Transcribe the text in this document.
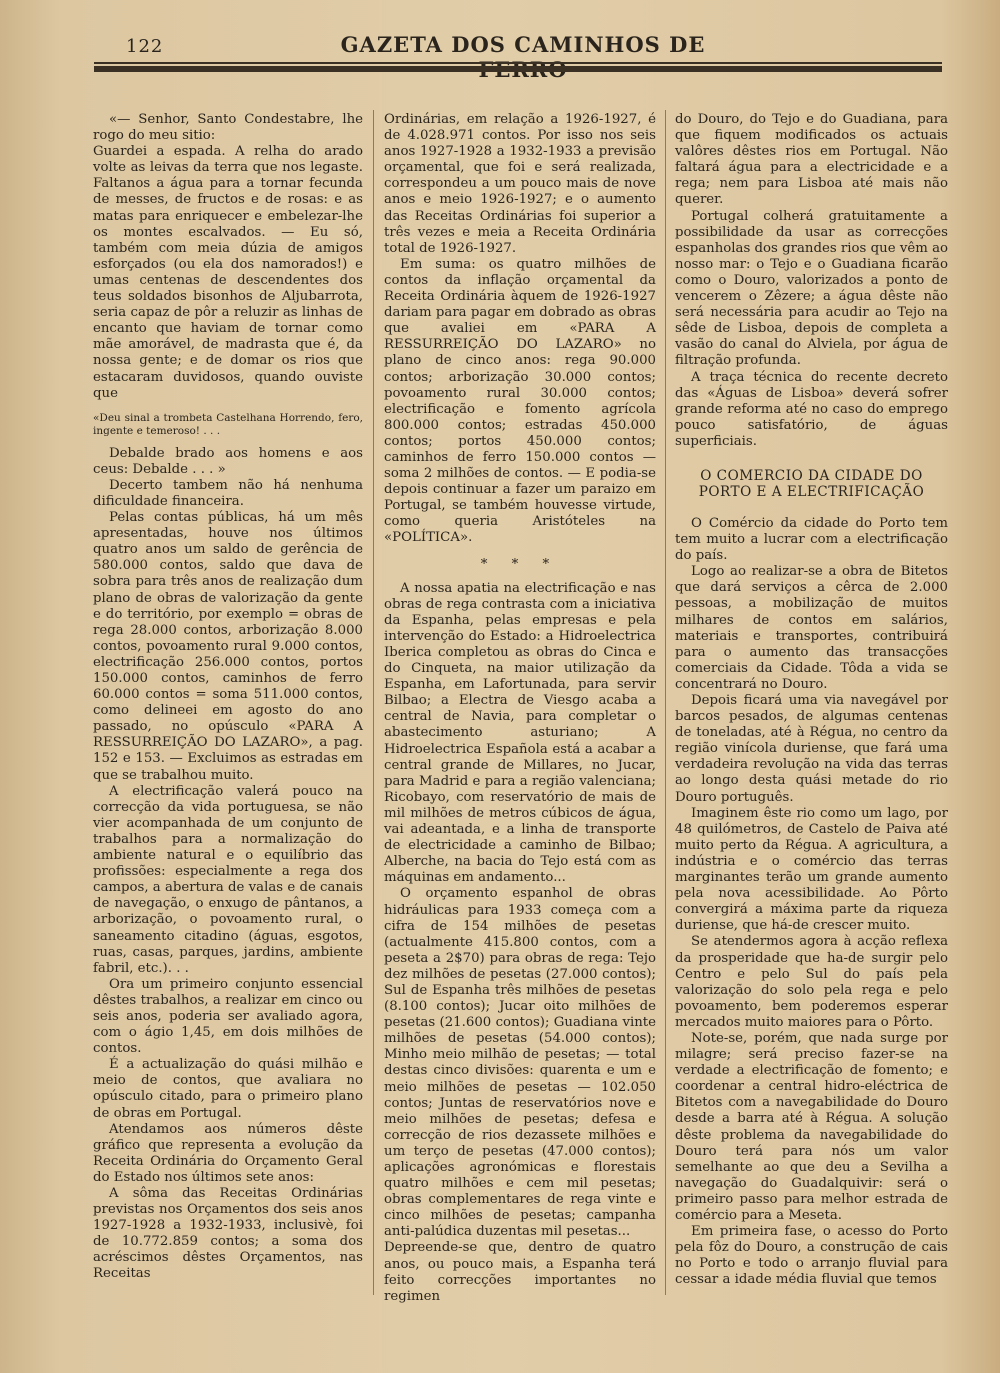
122	GAZETA DOS CAMINHOS DE

«— Senhor, Santo Condestabre, lhe rogo do meu sitio:

Guardei a espada. A relha do arado volte as leivas da terra que nos legaste. Faltanos a água para a tornar fecunda de messes, de fructos e de rosas: e as matas para enriquecer e embelezar-lhe os montes escalvados. — Eu só, também com meia dúzia de amigos esforçados (ou ela dos namorados!) e umas centenas de descendentes dos teus soldados bisonhos de Aljubarrota, seria capaz de pôr a reluzir as linhas de encanto que haviam de tornar como mãe amorável, de madrasta que é, da nossa gente; e de domar os rios que estacaram duvidosos, quando ouviste que

«Deu sinal a trombeta Castelhana Horrendo, fero, ingente e temeroso! . . .

Debalde brado aos homens e aos ceus: Debalde . . . »

Decerto tambem não há nenhuma dificuldade financeira.

Pelas contas públicas, há um mês apresentadas, houve nos últimos quatro anos um saldo de gerência de 580.000 contos, saldo que dava de sobra para três anos de realização dum plano de obras de valorização da gente e do território, por exemplo = obras de rega 28.000 contos, arborização 8.000 contos, povoamento rural 9.000 contos, electrificação 256.000 contos, portos 150.000 contos, caminhos de ferro 60.000 contos = soma 511.000 contos, como delineei em agosto do ano passado, no opúsculo «PARA A RESSURREIÇÃO DO LAZARO», a pag. 152 e 153. — Excluimos as estradas em que se trabalhou muito.

A electrificação valerá pouco na correcção da vida portuguesa, se não vier acompanhada de um conjunto de trabalhos para a normalização do ambiente natural e o equilíbrio das profissões: especialmente a rega dos campos, a abertura de valas e de canais de navegação, o enxugo de pântanos, a arborização, o povoamento rural, o saneamento citadino (águas, esgotos, ruas, casas, parques, jardins, ambiente fabril, etc.). . .

Ora um primeiro conjunto essencial dêstes trabalhos, a realizar em cinco ou seis anos, poderia ser avaliado agora, com o ágio 1,45, em dois milhões de contos.

É a actualização do quási milhão e meio de contos, que avaliara no opúsculo citado, para o primeiro plano de obras em Portugal.

Atendamos aos números dêste gráfico que representa a evolução da Receita Ordinária do Orçamento Geral do Estado nos últimos sete anos:

A sôma das Receitas Ordinárias previstas nos Orçamentos dos seis anos 1927-1928 a 1932-1933, inclusivè, foi de 10.772.859 contos; a soma dos acréscimos dêstes Orçamentos, nas Receitas

Ordinárias, em relação a 1926-1927, é de 4.028.971 contos. Por isso nos seis anos 1927-1928 a 1932-1933 a previsão orçamental, que foi e será realizada, correspondeu a um pouco mais de nove anos e meio 1926-1927; e o aumento das Receitas Ordinárias foi superior a três vezes e meia a Receita Ordinária total de 1926-1927.

Em suma: os quatro milhões de contos da inflação orçamental da Receita Ordinária àquem de 1926-1927 dariam para pagar em dobrado as obras que avaliei em «PARA A RESSURREIÇÃO DO LAZARO» no plano de cinco anos: rega 90.000 contos; arborização 30.000 contos; povoamento rural 30.000 contos; electrificação e fomento agrícola 800.000 contos; estradas 450.000 contos; portos 450.000 contos; caminhos de ferro 150.000 contos — soma 2 milhões de contos. — E podia-se depois continuar a fazer um paraizo em Portugal, se também houvesse virtude, como queria Aristóteles na «POLÍTICA».

* * *

A nossa apatia na electrificação e nas obras de rega contrasta com a iniciativa da Espanha, pelas empresas e pela intervenção do Estado: a Hidroelectrica Iberica completou as obras do Cinca e do Cinqueta, na maior utilização da Espanha, em Lafortunada, para servir Bilbao; a Electra de Viesgo acaba a central de Navia, para completar o abastecimento asturiano; A Hidroelectrica Española está a acabar a central grande de Millares, no Jucar, para Madrid e para a região valenciana; Ricobayo, com reservatório de mais de mil milhões de metros cúbicos de água, vai adeantada, e a linha de transporte de electricidade a caminho de Bilbao; Alberche, na bacia do Tejo está com as máquinas em andamento...

O orçamento espanhol de obras hidráulicas para 1933 começa com a cifra de 154 milhões de pesetas (actualmente 415.800 contos, com a peseta a 2$70) para obras de rega: Tejo dez milhões de pesetas (27.000 contos); Sul de Espanha três milhões de pesetas (8.100 contos); Jucar oito milhões de pesetas (21.600 contos); Guadiana vinte milhões de pesetas (54.000 contos); Minho meio milhão de pesetas; — total destas cinco divisões: quarenta e um e meio milhões de pesetas — 102.050 contos; Juntas de reservatórios nove e meio milhões de pesetas; defesa e correcção de rios dezassete milhões e um terço de pesetas (47.000 contos); aplicações agronómicas e florestais quatro milhões e cem mil pesetas; obras complementares de rega vinte e cinco milhões de pesetas; campanha anti-palúdica duzentas mil pesetas...

Depreende-se que, dentro de quatro anos, ou pouco mais, a Espanha terá feito correcções importantes no regimen

do Douro, do Tejo e do Guadiana, para que fiquem modificados os actuais valôres dêstes rios em Portugal. Não faltará água para a electricidade e a rega; nem para Lisboa até mais não querer.

Portugal colherá gratuitamente a possibilidade da usar as correcções espanholas dos grandes rios que vêm ao nosso mar: o Tejo e o Guadiana ficarão como o Douro, valorizados a ponto de vencerem o Zêzere; a água dêste não será necessária para acudir ao Tejo na sêde de Lisboa, depois de completa a vasão do canal do Alviela, por água de filtração profunda.

A traça técnica do recente decreto das «Águas de Lisboa» deverá sofrer grande reforma até no caso do emprego pouco satisfatório, de águas superficiais.

O COMERCIO DA CIDADE DO PORTO E A ELECTRIFICAÇÃO

O Comércio da cidade do Porto tem tem muito a lucrar com a electrificação do país.

Logo ao realizar-se a obra de Bitetos que dará serviços a cêrca de 2.000 pessoas, a mobilização de muitos milhares de contos em salários, materiais e transportes, contribuirá para o aumento das transacções comerciais da Cidade. Tôda a vida se concentrará no Douro.

Depois ficará uma via navegável por barcos pesados, de algumas centenas de toneladas, até à Régua, no centro da região vinícola duriense, que fará uma verdadeira revolução na vida das terras ao longo desta quási metade do rio Douro português.

Imaginem êste rio como um lago, por 48 quilómetros, de Castelo de Paiva até muito perto da Régua. A agricultura, a indústria e o comércio das terras marginantes terão um grande aumento pela nova acessibilidade. Ao Pôrto convergirá a máxima parte da riqueza duriense, que há-de crescer muito.

Se atendermos agora à acção reflexa da prosperidade que ha-de surgir pelo Centro e pelo Sul do país pela valorização do solo pela rega e pelo povoamento, bem poderemos esperar mercados muito maiores para o Pôrto.

Note-se, porém, que nada surge por milagre; será preciso fazer-se na verdade a electrificação de fomento; e coordenar a central hidro-eléctrica de Bitetos com a navegabilidade do Douro desde a barra até à Régua. A solução dêste problema da navegabilidade do Douro terá para nós um valor semelhante ao que deu a Sevilha a navegação do Guadalquivir: será o primeiro passo para melhor estrada de comércio para a Meseta.

Em primeira fase, o acesso do Porto pela fôz do Douro, a construção de cais no Porto e todo o arranjo fluvial para cessar a idade média fluvial que temos
